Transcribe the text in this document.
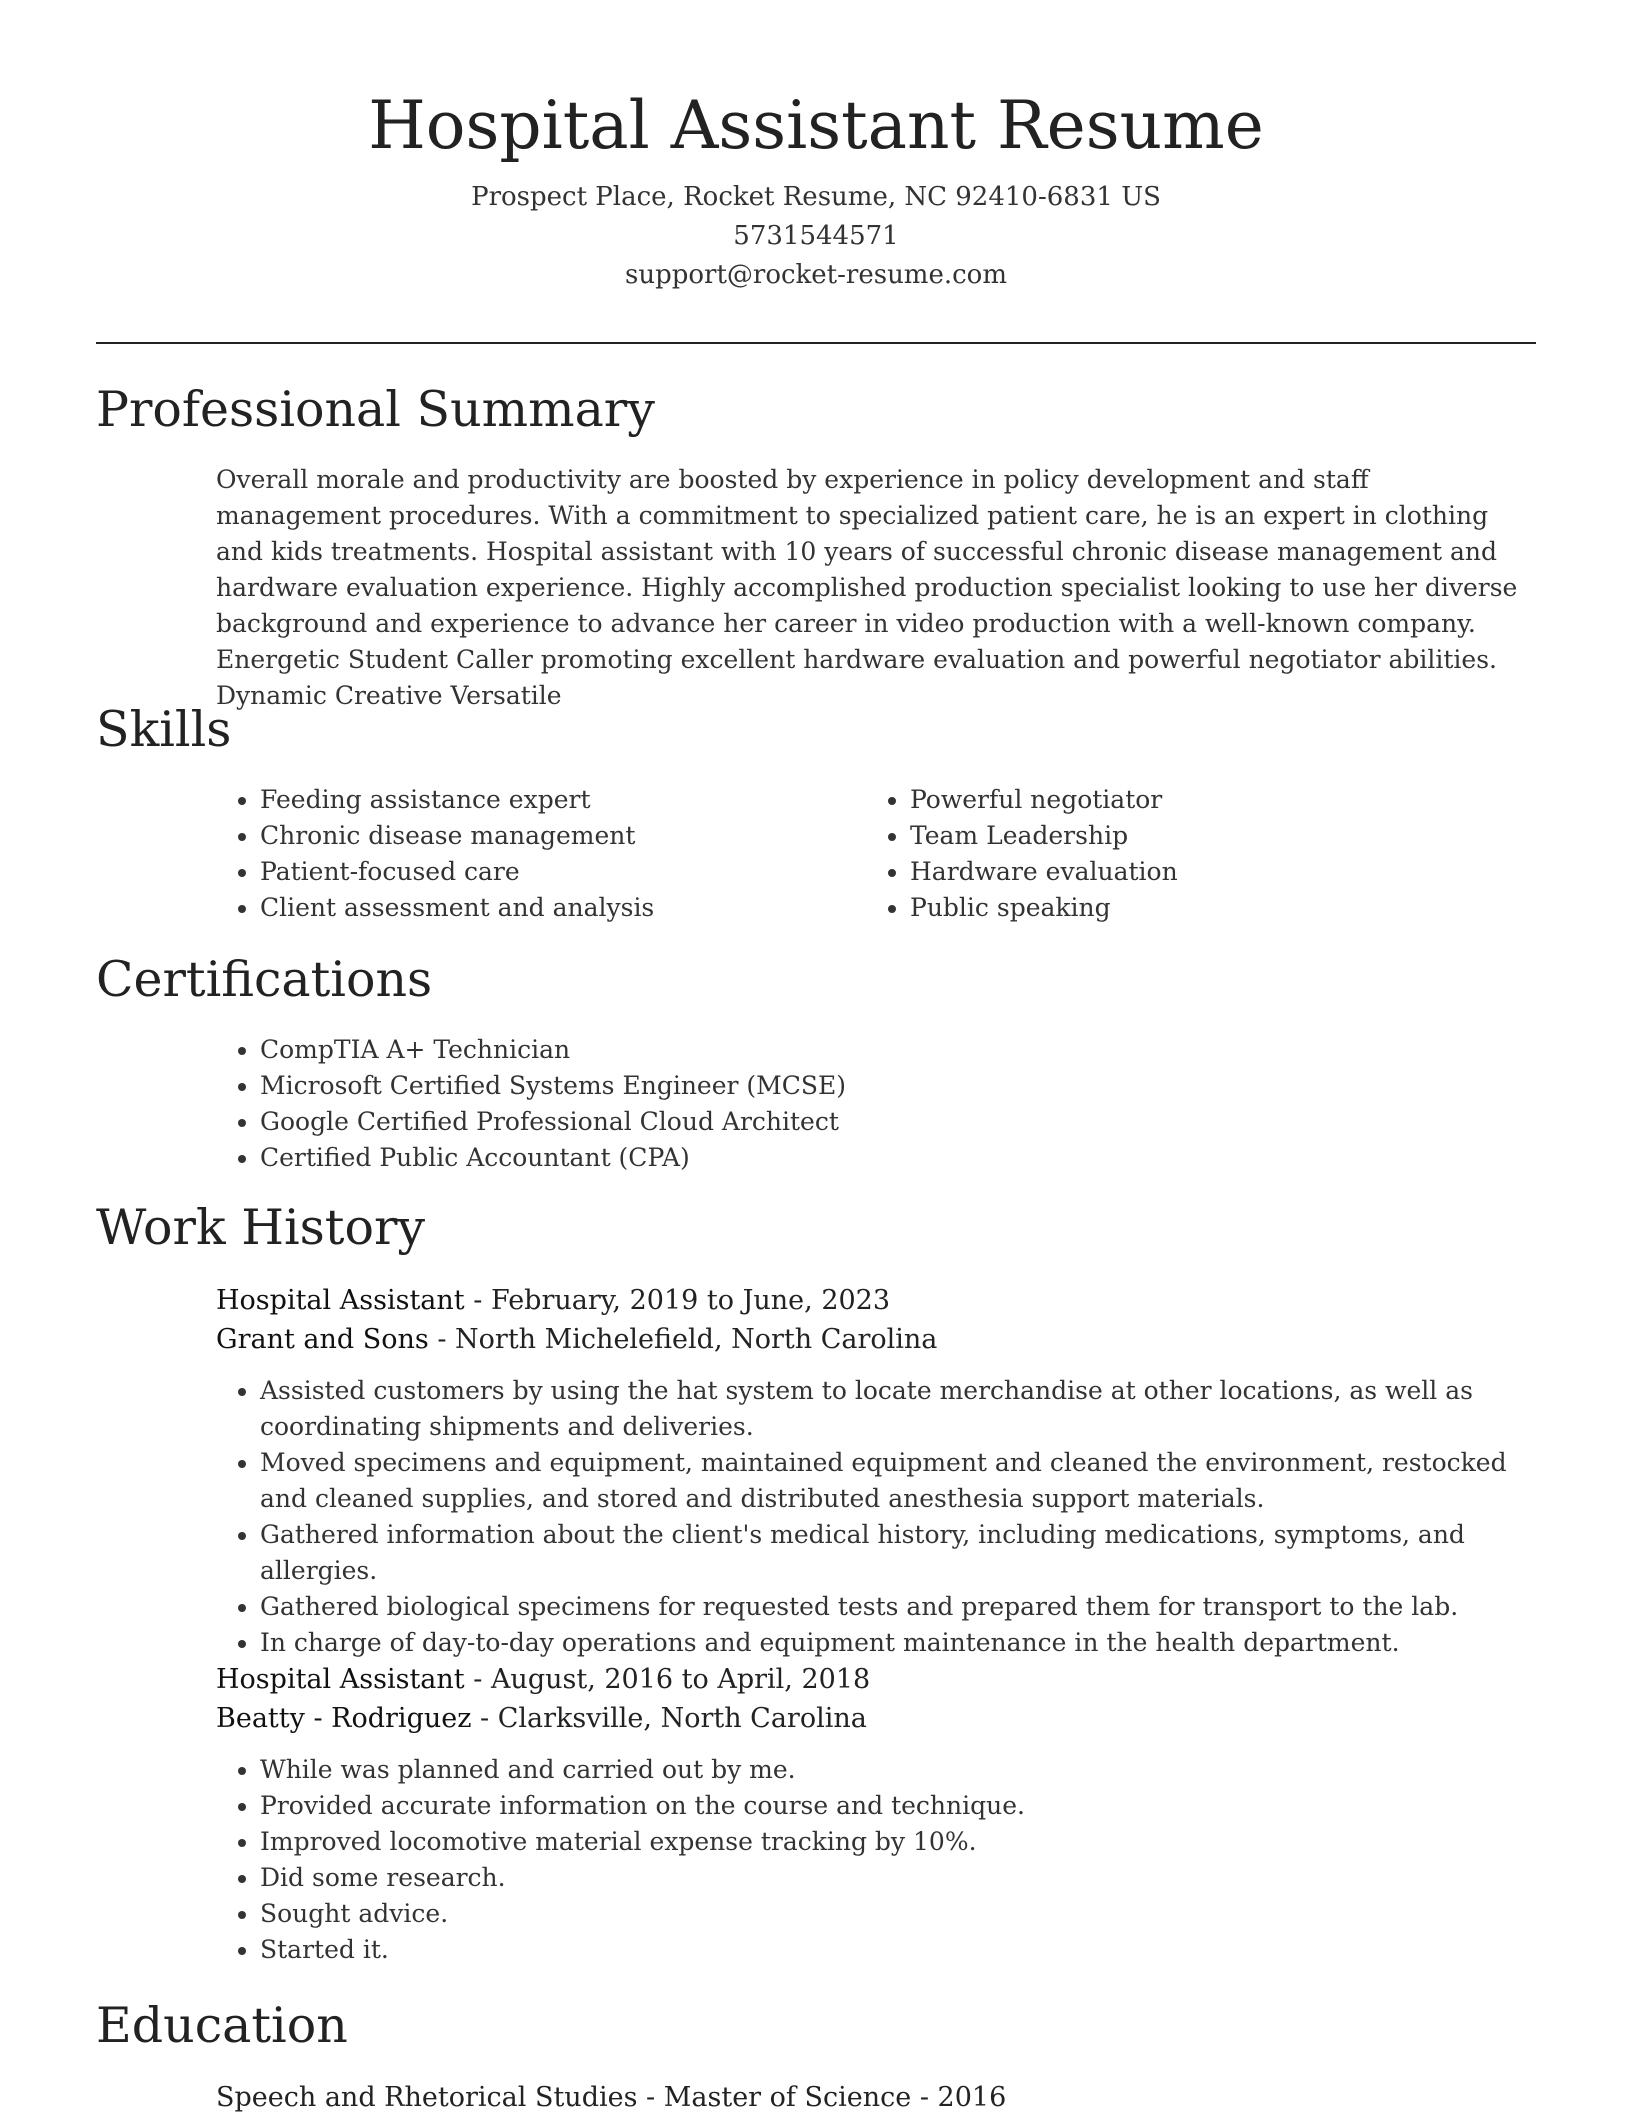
Hospital Assistant Resume
Prospect Place, Rocket Resume, NC 92410-6831 US
5731544571
support@rocket-resume.com
Professional Summary

Overall morale and productivity are boosted by experience in policy development and staff management procedures. With a commitment to specialized patient care, he is an expert in clothing and kids treatments. Hospital assistant with 10 years of successful chronic disease management and hardware evaluation experience. Highly accomplished production specialist looking to use her diverse background and experience to advance her career in video production with a well-known company. Energetic Student Caller promoting excellent hardware evaluation and powerful negotiator abilities. Dynamic Creative Versatile

Skills
• Feeding assistance expert
• Chronic disease management
• Patient-focused care
• Client assessment and analysis
• Powerful negotiator
• Team Leadership
• Hardware evaluation
• Public speaking
Certifications
• CompTIA A+ Technician
• Microsoft Certified Systems Engineer (MCSE)
• Google Certified Professional Cloud Architect
• Certified Public Accountant (CPA)
Work History
Hospital Assistant - February, 2019 to June, 2023
Grant and Sons - North Michelefield, North Carolina
• Assisted customers by using the hat system to locate merchandise at other locations, as well as coordinating shipments and deliveries.
• Moved specimens and equipment, maintained equipment and cleaned the environment, restocked and cleaned supplies, and stored and distributed anesthesia support materials.
• Gathered information about the client's medical history, including medications, symptoms, and allergies.
• Gathered biological specimens for requested tests and prepared them for transport to the lab.
• In charge of day-to-day operations and equipment maintenance in the health department.
Hospital Assistant - August, 2016 to April, 2018
Beatty - Rodriguez - Clarksville, North Carolina
• While was planned and carried out by me.
• Provided accurate information on the course and technique.
• Improved locomotive material expense tracking by 10%.
• Did some research.
• Sought advice.
• Started it.
Education
Speech and Rhetorical Studies - Master of Science - 2016
